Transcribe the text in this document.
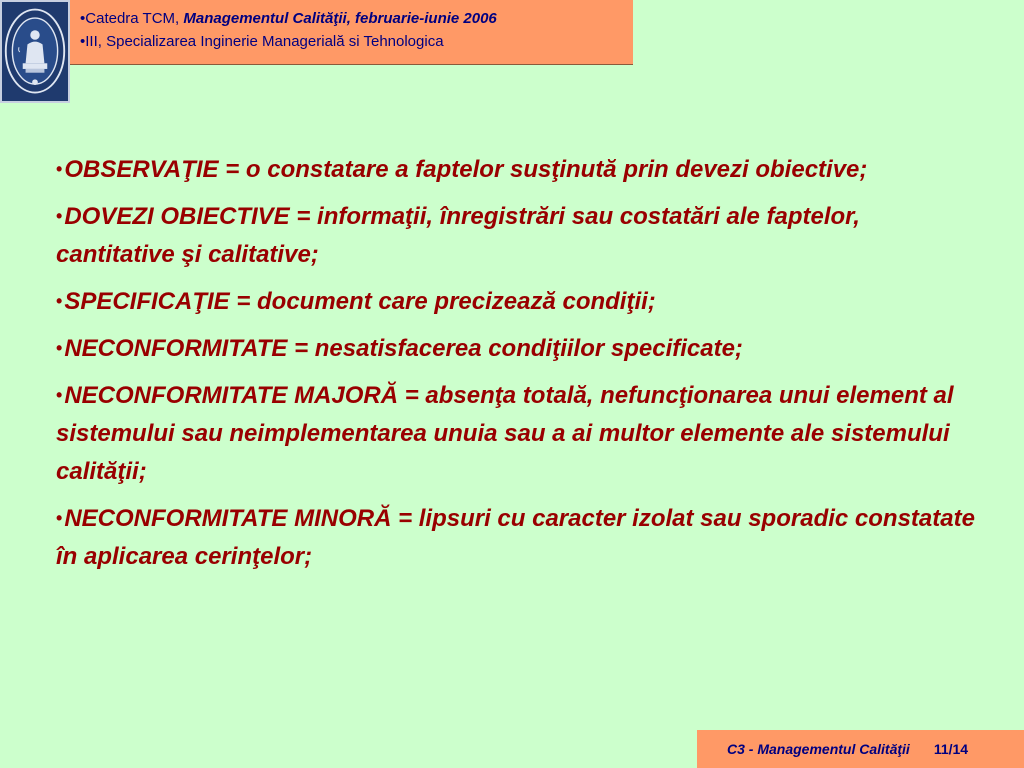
•Catedra TCM, Managementul Calităţii, februarie-iunie 2006
•III, Specializarea Inginerie Managerială si Tehnologica
•OBSERVAŢIE = o constatare a faptelor susţinută prin devezi obiective;
•DOVEZI OBIECTIVE = informaţii, înregistrări sau costatări ale faptelor, cantitative şi calitative;
•SPECIFICAŢIE = document care precizează condiţii;
•NECONFORMITATE = nesatisfacerea condiţiilor specificate;
•NECONFORMITATE MAJORĂ = absenţa totală, nefuncţionarea unui element al sistemului sau neimplementarea unuia sau a ai multor elemente ale sistemului calităţii;
•NECONFORMITATE MINORĂ = lipsuri cu caracter izolat sau sporadic constatate în aplicarea cerinţelor;
C3 - Managementul Calităţii 11/14
